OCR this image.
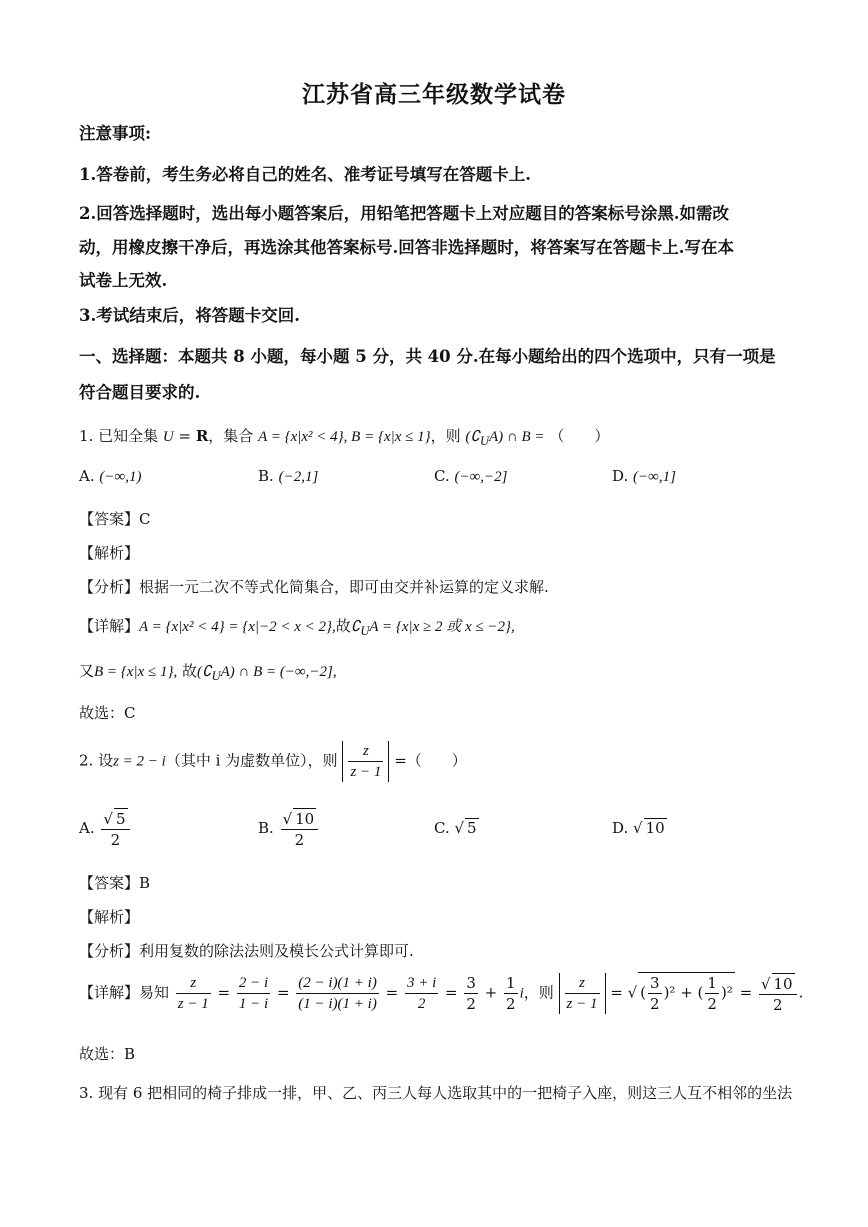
江苏省高三年级数学试卷
注意事项:
1.答卷前，考生务必将自己的姓名、准考证号填写在答题卡上.
2.回答选择题时，选出每小题答案后，用铅笔把答题卡上对应题目的答案标号涂黑.如需改
动，用橡皮擦干净后，再选涂其他答案标号.回答非选择题时，将答案写在答题卡上.写在本
试卷上无效.
3.考试结束后，将答题卡交回.
一、选择题：本题共 8 小题，每小题 5 分，共 40 分.在每小题给出的四个选项中，只有一项是
符合题目要求的.
1. 已知全集 U = R，集合 A = {x|x² < 4}, B = {x|x ≤ 1}，则 $(∁_UA)$ ∩ B = （　　）
A. (−∞,1)	B. (−2,1]	C. (−∞,−2]	D. (−∞,1]
【答案】C
【解析】
【分析】根据一元二次不等式化简集合，即可由交并补运算的定义求解.
【详解】A = {x|x² < 4} = {x|−2 < x < 2},故$∁_UA = \{x|x \ge 2$ 或 x ≤ −2},
又B = {x|x ≤ 1}, 故$(∁_UA)$ ∩ B = (−∞,−2],
故选：C
2. 设z = 2 − i（其中 i 为虚数单位），则 $\frac{z}{z - 1}$ =（　　）
A. $\frac{√ 5}{2}$	B. $\frac{√ 10}{2}$	C. √ 5	D. √ 10
【答案】B
【解析】
【分析】利用复数的除法法则及模长公式计算即可.
【详解】易知 $\frac{z}{z - 1} = \frac{2 - i}{1 - i} = \frac{(2 - i)(1 + i)}{(1 - i)(1 + i)} = \frac{3 + i}{2} = \frac{3}{2} + \frac{1}{2}$ i，则 $\frac{z}{z - 1}$ = √ ( $\frac{3}{2} )^2$ + ( $\frac{1}{2} )^2 = \frac{√ 10}{2}$ .
故选：B
3. 现有 6 把相同的椅子排成一排，甲、乙、丙三人每人选取其中的一把椅子入座，则这三人互不相邻的坐法
